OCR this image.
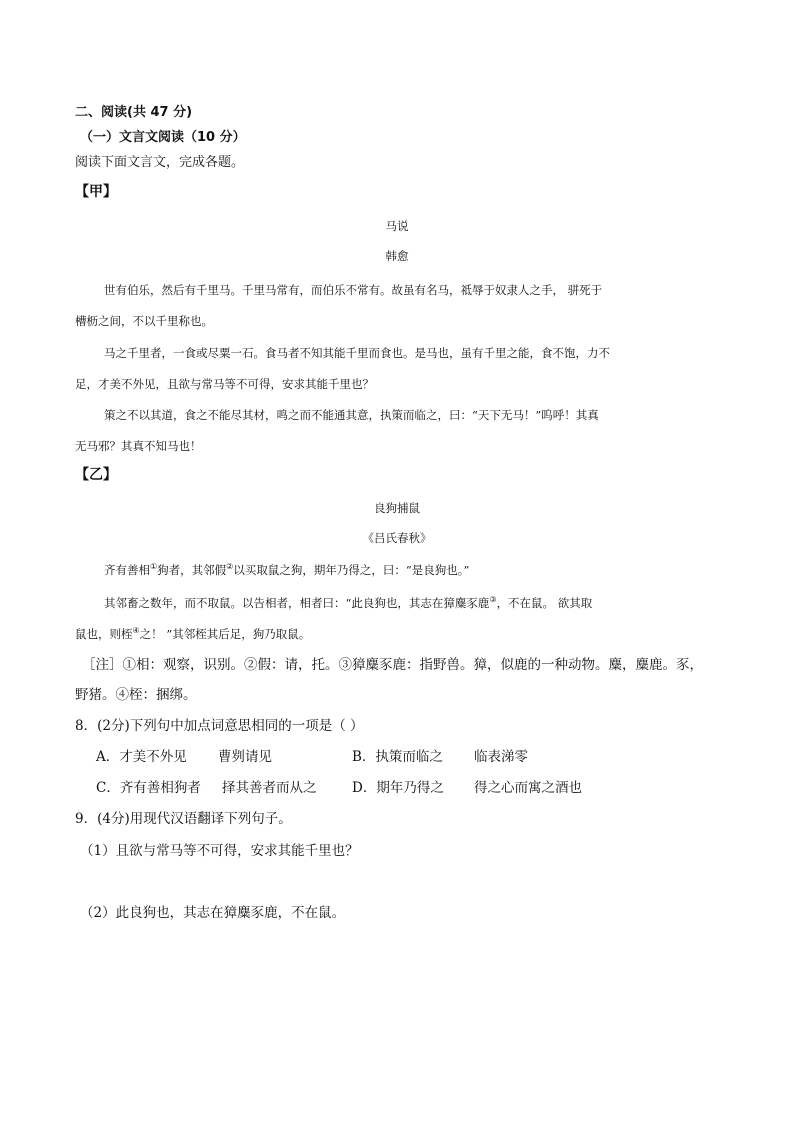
二、阅读(共 47 分)
（一）文言文阅读（10 分）
阅读下面文言文，完成各题。
【甲】
马说
韩愈
世有伯乐，然后有千里马。千里马常有，而伯乐不常有。故虽有名马，祗辱于奴隶人之手， 骈死于
槽枥之间，不以千里称也。
马之千里者，一食或尽粟一石。食马者不知其能千里而食也。是马也，虽有千里之能，食不饱，力不
足，才美不外见，且欲与常马等不可得，安求其能千里也？
策之不以其道，食之不能尽其材，鸣之而不能通其意，执策而临之，曰：“天下无马！”呜呼！其真
无马邪？其真不知马也！
【乙】
良狗捕鼠
《吕氏春秋》
齐有善相①狗者，其邻假②以买取鼠之狗，期年乃得之，曰：“是良狗也。”
其邻畜之数年，而不取鼠。以告相者，相者曰：“此良狗也，其志在獐麋豕鹿③，不在鼠。 欲其取
鼠也，则桎④之！ ”其邻桎其后足，狗乃取鼠。
［注］①相：观察，识别。②假：请，托。③獐麋豕鹿：指野兽。獐，似鹿的一种动物。麋，麋鹿。豕，
野猪。④桎：捆绑。
8．(2分)下列句中加点词意思相同的一项是（ ）
A．才美不外见 曹刿请见	B．执策而临之 临表涕零
C．齐有善相狗者 择其善者而从之	D．期年乃得之 得之心而寓之酒也
9．(4分)用现代汉语翻译下列句子。
（1）且欲与常马等不可得，安求其能千里也？
（2）此良狗也，其志在獐麋豕鹿，不在鼠。
